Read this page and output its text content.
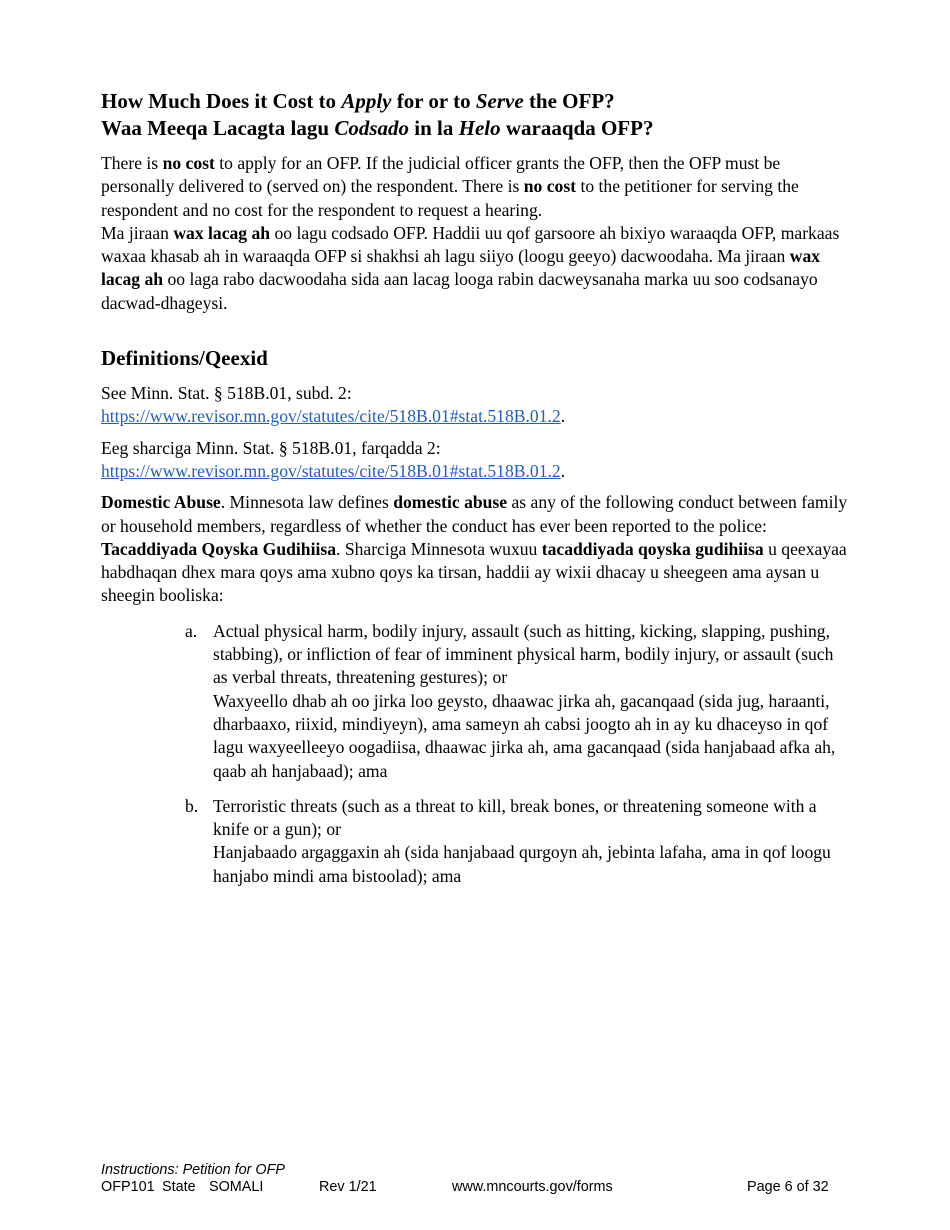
How Much Does it Cost to Apply for or to Serve the OFP?
Waa Meeqa Lacagta lagu Codsado in la Helo waraaqda OFP?

There is no cost to apply for an OFP. If the judicial officer grants the OFP, then the OFP must be personally delivered to (served on) the respondent. There is no cost to the petitioner for serving the respondent and no cost for the respondent to request a hearing.

Ma jiraan wax lacag ah oo lagu codsado OFP. Haddii uu qof garsoore ah bixiyo waraaqda OFP, markaas waxaa khasab ah in waraaqda OFP si shakhsi ah lagu siiyo (loogu geeyo) dacwoodaha. Ma jiraan wax lacag ah oo laga rabo dacwoodaha sida aan lacag looga rabin dacweysanaha marka uu soo codsanayo dacwad-dhageysi.

Definitions/Qeexid

See Minn. Stat. § 518B.01, subd. 2:
https://www.revisor.mn.gov/statutes/cite/518B.01#stat.518B.01.2.

Eeg sharciga Minn. Stat. § 518B.01, farqadda 2:
https://www.revisor.mn.gov/statutes/cite/518B.01#stat.518B.01.2.

Domestic Abuse. Minnesota law defines domestic abuse as any of the following conduct between family or household members, regardless of whether the conduct has ever been reported to the police:

Tacaddiyada Qoyska Gudihiisa. Sharciga Minnesota wuxuu tacaddiyada qoyska gudihiisa u qeexayaa habdhaqan dhex mara qoys ama xubno qoys ka tirsan, haddii ay wixii dhacay u sheegeen ama aysan u sheegin booliska:

a. Actual physical harm, bodily injury, assault (such as hitting, kicking, slapping, pushing, stabbing), or infliction of fear of imminent physical harm, bodily injury, or assault (such as verbal threats, threatening gestures); or
Waxyeello dhab ah oo jirka loo geysto, dhaawac jirka ah, gacanqaad (sida jug, haraanti, dharbaaxo, riixid, mindiyeyn), ama sameyn ah cabsi joogto ah in ay ku dhaceyso in qof lagu waxyeelleeyo oogadiisa, dhaawac jirka ah, ama gacanqaad (sida hanjabaad afka ah, qaab ah hanjabaad); ama
b. Terroristic threats (such as a threat to kill, break bones, or threatening someone with a knife or a gun); or
Hanjabaado argaggaxin ah (sida hanjabaad qurgoyn ah, jebinta lafaha, ama in qof loogu hanjabo mindi ama bistoolad); ama
Instructions: Petition for OFP
OFP101 State SOMALI	Rev 1/21	www.mncourts.gov/forms	Page 6 of 32
